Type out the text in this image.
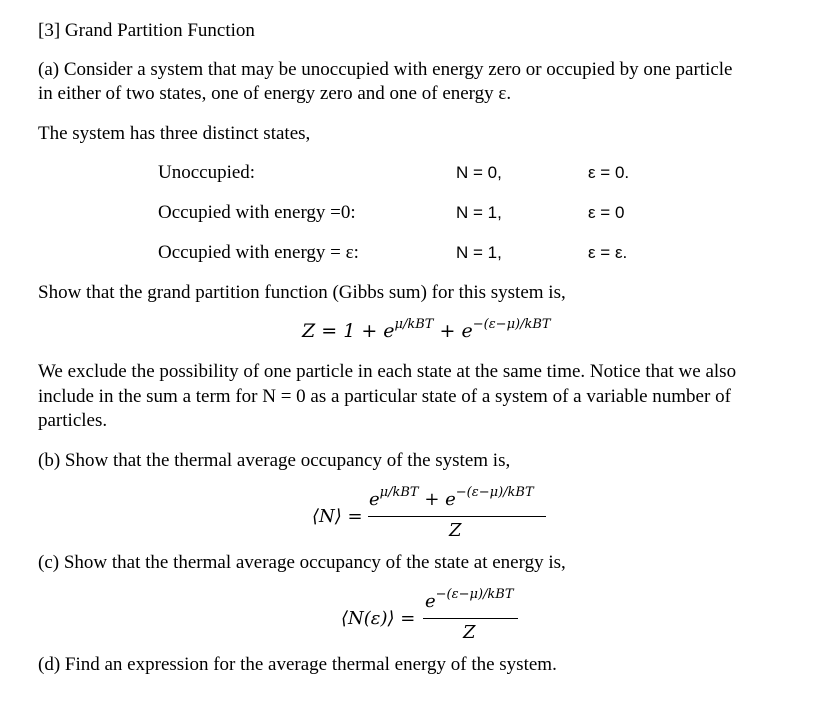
[3] Grand Partition Function
(a) Consider a system that may be unoccupied with energy zero or occupied by one particle
in either of two states, one of energy zero and one of energy ε.
The system has three distinct states,
Unoccupied:	N = 0,	ε = 0.
Occupied with energy =0:	N = 1,	ε = 0
Occupied with energy = ε:	N = 1,	ε = ε.
Show that the grand partition function (Gibbs sum) for this system is,
$Z = 1 + e^{\mu/kBT} + e^{-(\varepsilon-\mu)/kBT}$
We exclude the possibility of one particle in each state at the same time. Notice that we also
include in the sum a term for N = 0 as a particular state of a system of a variable number of
particles.
(b) Show that the thermal average occupancy of the system is,
⟨N⟩ =
$e^{\mu/kBT} + e^{-(\varepsilon-\mu)/kBT}$
Z
(c) Show that the thermal average occupancy of the state at energy is,
⟨N(ε)⟩ =
$e^{-(\varepsilon-\mu)/kBT}$
Z
(d) Find an expression for the average thermal energy of the system.
